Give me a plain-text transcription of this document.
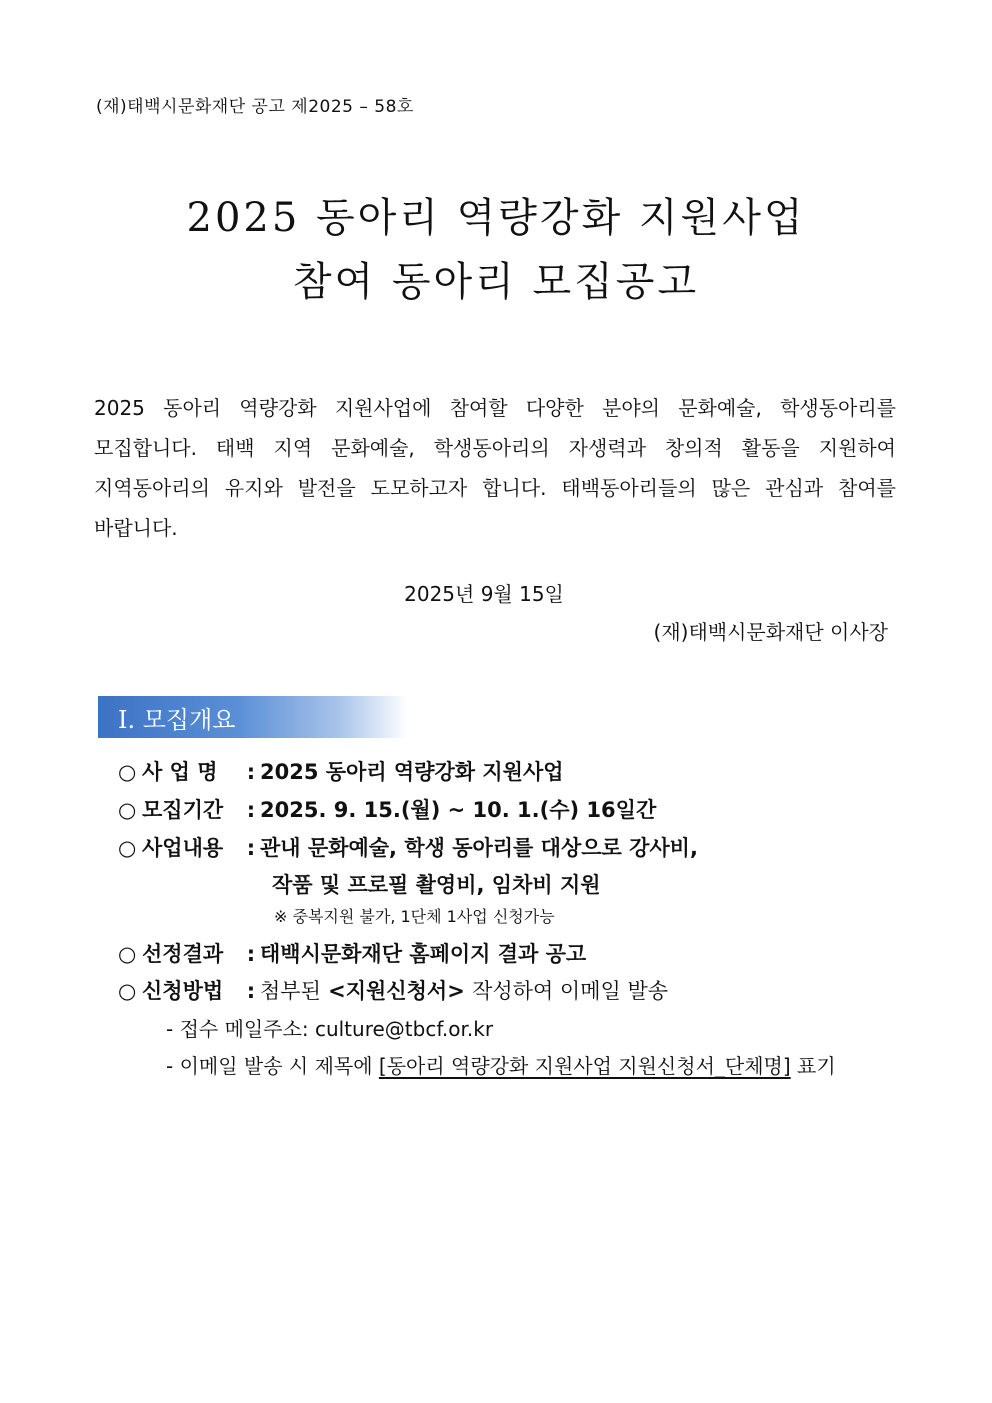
(재)태백시문화재단 공고 제2025 – 58호
2025 동아리 역량강화 지원사업
참여 동아리 모집공고
2025 동아리 역량강화 지원사업에 참여할 다양한 분야의 문화예술, 학생동아리를 모집합니다. 태백 지역 문화예술, 학생동아리의 자생력과 창의적 활동을 지원하여 지역동아리의 유지와 발전을 도모하고자 합니다. 태백동아리들의 많은 관심과 참여를 바랍니다.
2025년 9월 15일
(재)태백시문화재단 이사장
Ⅰ. 모집개요
○ 사 업 명 : 2025 동아리 역량강화 지원사업
○ 모집기간 : 2025. 9. 15.(월) ~ 10. 1.(수) 16일간
○ 사업내용 : 관내 문화예술, 학생 동아리를 대상으로 강사비,
작품 및 프로필 촬영비, 임차비 지원
※ 중복지원 불가, 1단체 1사업 신청가능
○ 선정결과 : 태백시문화재단 홈페이지 결과 공고
○ 신청방법 : 첨부된 <지원신청서> 작성하여 이메일 발송
- 접수 메일주소: culture@tbcf.or.kr
- 이메일 발송 시 제목에 [동아리 역량강화 지원사업 지원신청서_단체명] 표기
